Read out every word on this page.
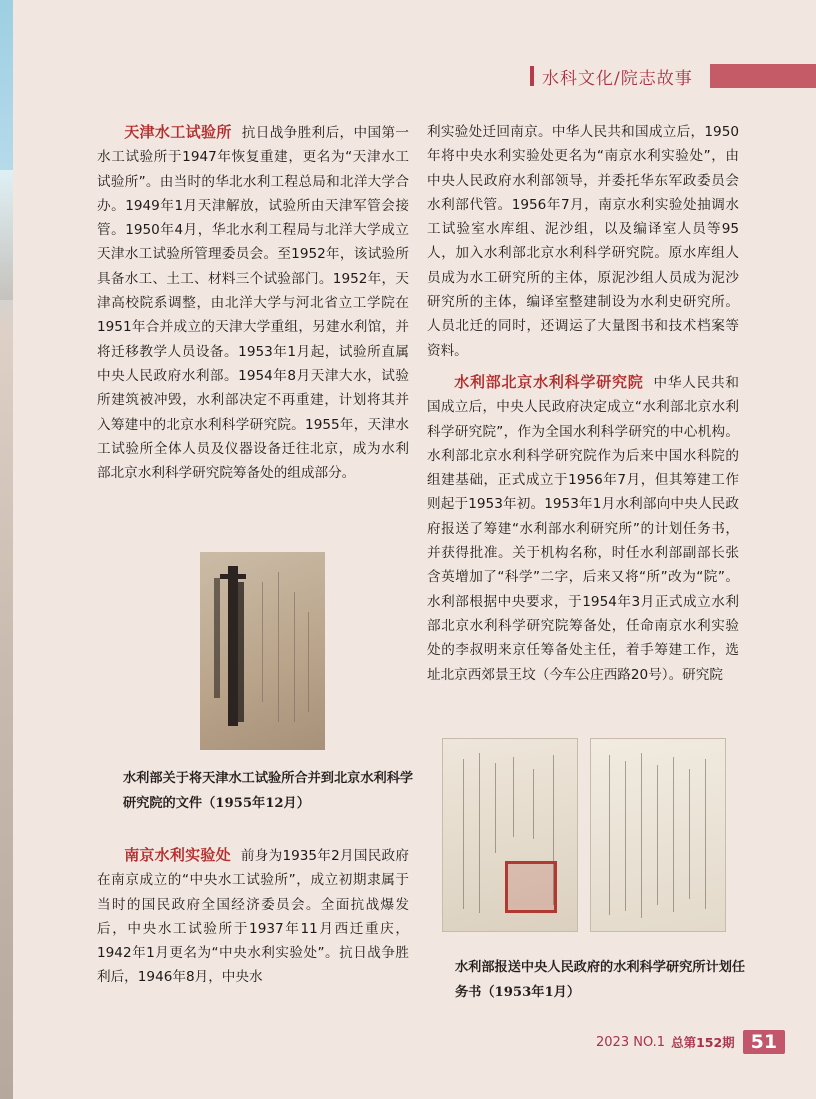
水科文化/院志故事

天津水工试验所 抗日战争胜利后，中国第一水工试验所于1947年恢复重建，更名为“天津水工试验所”。由当时的华北水利工程总局和北洋大学合办。1949年1月天津解放，试验所由天津军管会接管。1950年4月，华北水利工程局与北洋大学成立天津水工试验所管理委员会。至1952年，该试验所具备水工、土工、材料三个试验部门。1952年，天津高校院系调整，由北洋大学与河北省立工学院在1951年合并成立的天津大学重组，另建水利馆，并将迁移教学人员设备。1953年1月起，试验所直属中央人民政府水利部。1954年8月天津大水，试验所建筑被冲毁，水利部决定不再重建，计划将其并入筹建中的北京水利科学研究院。1955年，天津水工试验所全体人员及仪器设备迁往北京，成为水利部北京水利科学研究院筹备处的组成部分。

水利部关于将天津水工试验所合并到北京水利科学研究院的文件（1955年12月）

南京水利实验处 前身为1935年2月国民政府在南京成立的“中央水工试验所”，成立初期隶属于当时的国民政府全国经济委员会。全面抗战爆发后，中央水工试验所于1937年11月西迁重庆，1942年1月更名为“中央水利实验处”。抗日战争胜利后，1946年8月，中央水

利实验处迁回南京。中华人民共和国成立后，1950年将中央水利实验处更名为“南京水利实验处”，由中央人民政府水利部领导，并委托华东军政委员会水利部代管。1956年7月，南京水利实验处抽调水工试验室水库组、泥沙组，以及编译室人员等95人，加入水利部北京水利科学研究院。原水库组人员成为水工研究所的主体，原泥沙组人员成为泥沙研究所的主体，编译室整建制设为水利史研究所。人员北迁的同时，还调运了大量图书和技术档案等资料。

水利部北京水利科学研究院 中华人民共和国成立后，中央人民政府决定成立“水利部北京水利科学研究院”，作为全国水利科学研究的中心机构。水利部北京水利科学研究院作为后来中国水科院的组建基础，正式成立于1956年7月，但其筹建工作则起于1953年初。1953年1月水利部向中央人民政府报送了筹建“水利部水利研究所”的计划任务书，并获得批准。关于机构名称，时任水利部副部长张含英增加了“科学”二字，后来又将“所”改为“院”。水利部根据中央要求，于1954年3月正式成立水利部北京水利科学研究院筹备处，任命南京水利实验处的李叔明来京任筹备处主任，着手筹建工作，选址北京西郊景王坟（今车公庄西路20号）。研究院

水利部报送中央人民政府的水利科学研究所计划任务书（1953年1月）
2023 NO.1 总第152期 51
